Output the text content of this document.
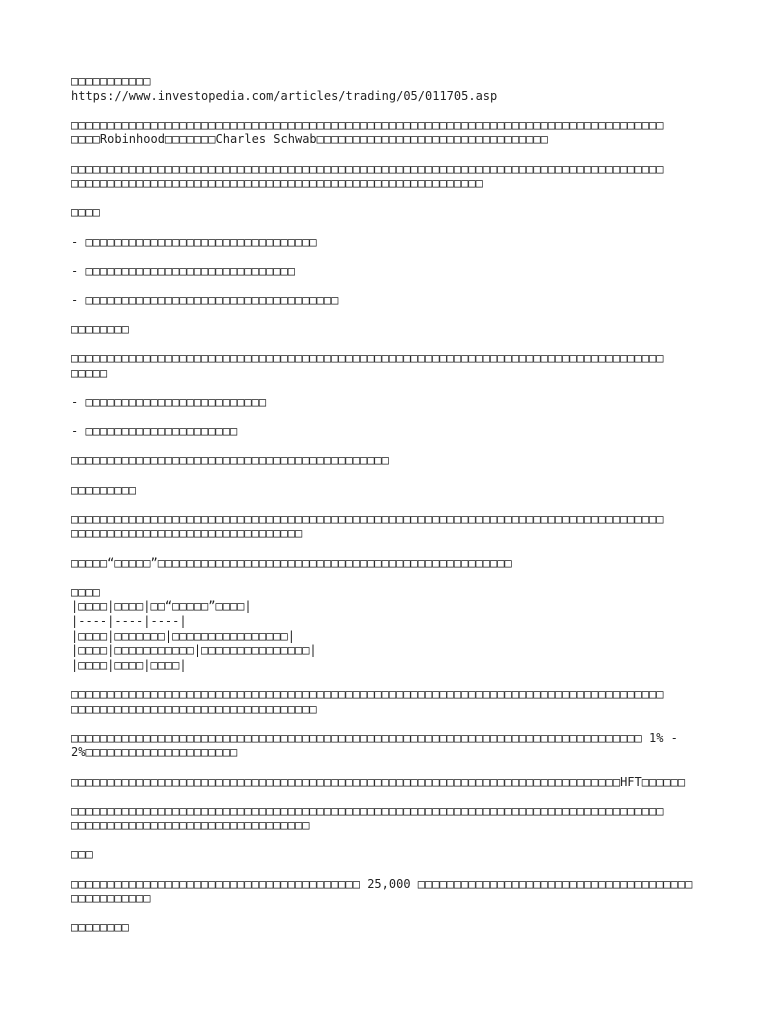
□□□□□□□□□□□
https://www.investopedia.com/articles/trading/05/011705.asp
□□□□□□□□□□□□□□□□□□□□□□□□□□□□□□□□□□□□□□□□□□□□□□□□□□□□□□□□□□□□□□□□□□□□□□□□□□□□□□□□□□
□□□□Robinhood□□□□□□□Charles Schwab□□□□□□□□□□□□□□□□□□□□□□□□□□□□□□□□
□□□□□□□□□□□□□□□□□□□□□□□□□□□□□□□□□□□□□□□□□□□□□□□□□□□□□□□□□□□□□□□□□□□□□□□□□□□□□□□□□□
□□□□□□□□□□□□□□□□□□□□□□□□□□□□□□□□□□□□□□□□□□□□□□□□□□□□□□□□□
□□□□
- □□□□□□□□□□□□□□□□□□□□□□□□□□□□□□□□
- □□□□□□□□□□□□□□□□□□□□□□□□□□□□□
- □□□□□□□□□□□□□□□□□□□□□□□□□□□□□□□□□□□
□□□□□□□□
□□□□□□□□□□□□□□□□□□□□□□□□□□□□□□□□□□□□□□□□□□□□□□□□□□□□□□□□□□□□□□□□□□□□□□□□□□□□□□□□□□
□□□□□
- □□□□□□□□□□□□□□□□□□□□□□□□□
- □□□□□□□□□□□□□□□□□□□□□
□□□□□□□□□□□□□□□□□□□□□□□□□□□□□□□□□□□□□□□□□□□□
□□□□□□□□□
□□□□□□□□□□□□□□□□□□□□□□□□□□□□□□□□□□□□□□□□□□□□□□□□□□□□□□□□□□□□□□□□□□□□□□□□□□□□□□□□□□
□□□□□□□□□□□□□□□□□□□□□□□□□□□□□□□□
□□□□□“□□□□□”□□□□□□□□□□□□□□□□□□□□□□□□□□□□□□□□□□□□□□□□□□□□□□□□□
□□□□
|□□□□|□□□□|□□“□□□□□”□□□□|
|----|----|----|
|□□□□|□□□□□□□|□□□□□□□□□□□□□□□□|
|□□□□|□□□□□□□□□□□|□□□□□□□□□□□□□□□|
|□□□□|□□□□|□□□□|
□□□□□□□□□□□□□□□□□□□□□□□□□□□□□□□□□□□□□□□□□□□□□□□□□□□□□□□□□□□□□□□□□□□□□□□□□□□□□□□□□□
□□□□□□□□□□□□□□□□□□□□□□□□□□□□□□□□□□
□□□□□□□□□□□□□□□□□□□□□□□□□□□□□□□□□□□□□□□□□□□□□□□□□□□□□□□□□□□□□□□□□□□□□□□□□□□□□□□ 1% -
2%□□□□□□□□□□□□□□□□□□□□□
□□□□□□□□□□□□□□□□□□□□□□□□□□□□□□□□□□□□□□□□□□□□□□□□□□□□□□□□□□□□□□□□□□□□□□□□□□□□HFT□□□□□□
□□□□□□□□□□□□□□□□□□□□□□□□□□□□□□□□□□□□□□□□□□□□□□□□□□□□□□□□□□□□□□□□□□□□□□□□□□□□□□□□□□
□□□□□□□□□□□□□□□□□□□□□□□□□□□□□□□□□
□□□
□□□□□□□□□□□□□□□□□□□□□□□□□□□□□□□□□□□□□□□□ 25,000 □□□□□□□□□□□□□□□□□□□□□□□□□□□□□□□□□□□□□□
□□□□□□□□□□□
□□□□□□□□
